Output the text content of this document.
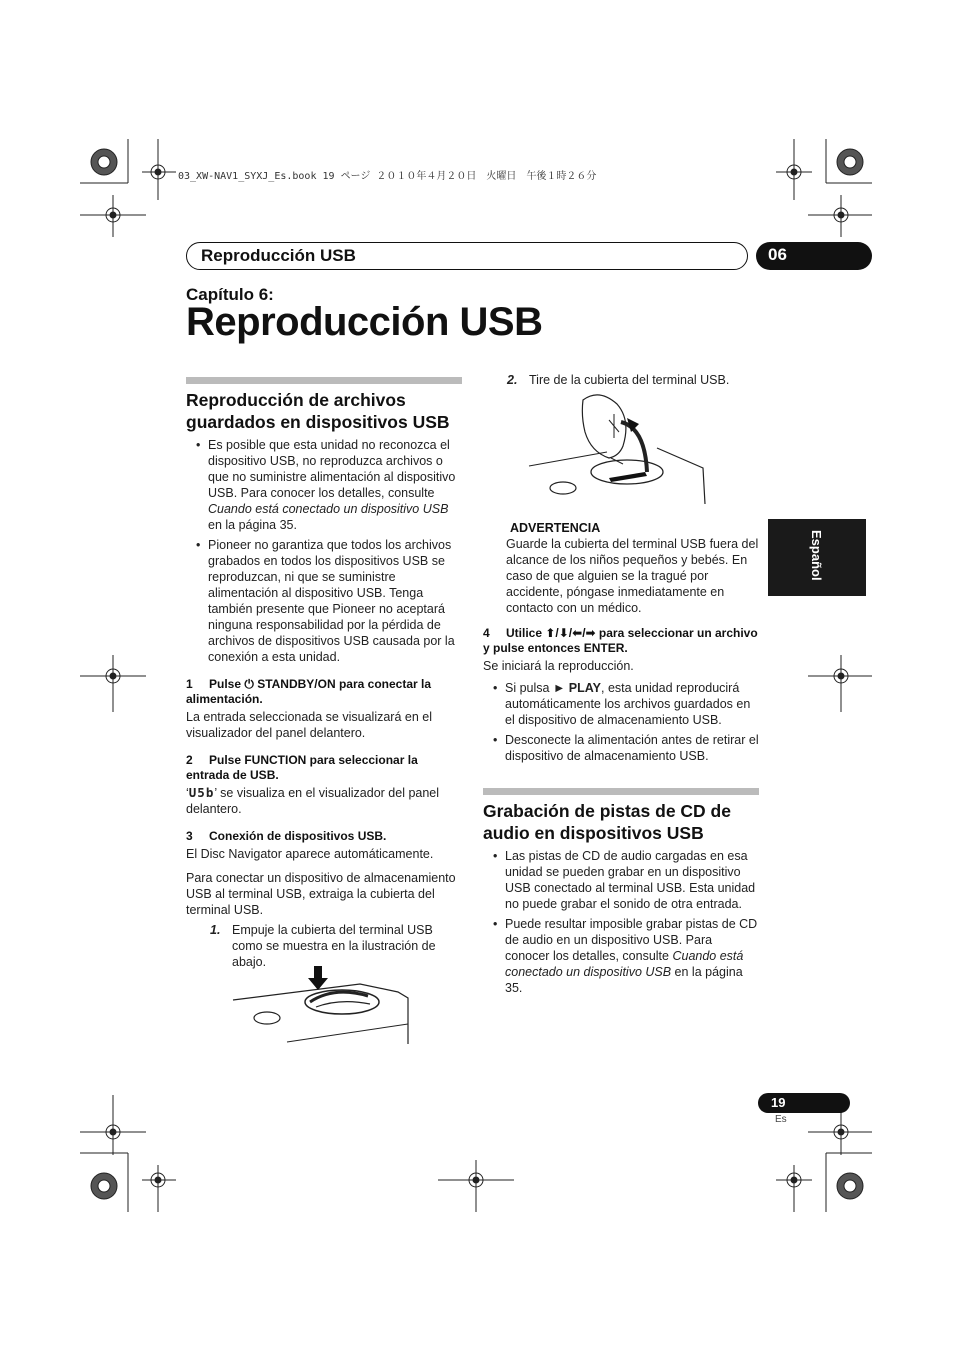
03_XW-NAV1_SYXJ_Es.book 19 ページ ２０１０年４月２０日　火曜日　午後１時２６分
Reproducción USB	06
Capítulo 6:
Reproducción USB
Español
Reproducción de archivos guardados en dispositivos USB
• Es posible que esta unidad no reconozca el dispositivo USB, no reproduzca archivos o que no suministre alimentación al dispositivo USB. Para conocer los detalles, consulte Cuando está conectado un dispositivo USB en la página 35.
• Pioneer no garantiza que todos los archivos grabados en todos los dispositivos USB se reproduzcan, ni que se suministre alimentación al dispositivo USB. Tenga también presente que Pioneer no aceptará ninguna responsabilidad por la pérdida de archivos de dispositivos USB causada por la conexión a esta unidad.
1 Pulse ⏻ STANDBY/ON para conectar la alimentación.

La entrada seleccionada se visualizará en el visualizador del panel delantero.

2 Pulse FUNCTION para seleccionar la entrada de USB.

‘U5b’ se visualiza en el visualizador del panel delantero.

3 Conexión de dispositivos USB.

El Disc Navigator aparece automáticamente.

Para conectar un dispositivo de almacenamiento USB al terminal USB, extraiga la cubierta del terminal USB.

1. Empuje la cubierta del terminal USB como se muestra en la ilustración de abajo.
2. Tire de la cubierta del terminal USB.
ADVERTENCIA

Guarde la cubierta del terminal USB fuera del alcance de los niños pequeños y bebés. En caso de que alguien se la tragué por accidente, póngase inmediatamente en contacto con un médico.

4 Utilice ⬆/⬇/⬅/➡ para seleccionar un archivo y pulse entonces ENTER.

Se iniciará la reproducción.

• Si pulsa ► PLAY, esta unidad reproducirá automáticamente los archivos guardados en el dispositivo de almacenamiento USB.
• Desconecte la alimentación antes de retirar el dispositivo de almacenamiento USB.
Grabación de pistas de CD de audio en dispositivos USB
• Las pistas de CD de audio cargadas en esa unidad se pueden grabar en un dispositivo USB conectado al terminal USB. Esta unidad no puede grabar el sonido de otra entrada.
• Puede resultar imposible grabar pistas de CD de audio en un dispositivo USB. Para conocer los detalles, consulte Cuando está conectado un dispositivo USB en la página 35.
19
Es
